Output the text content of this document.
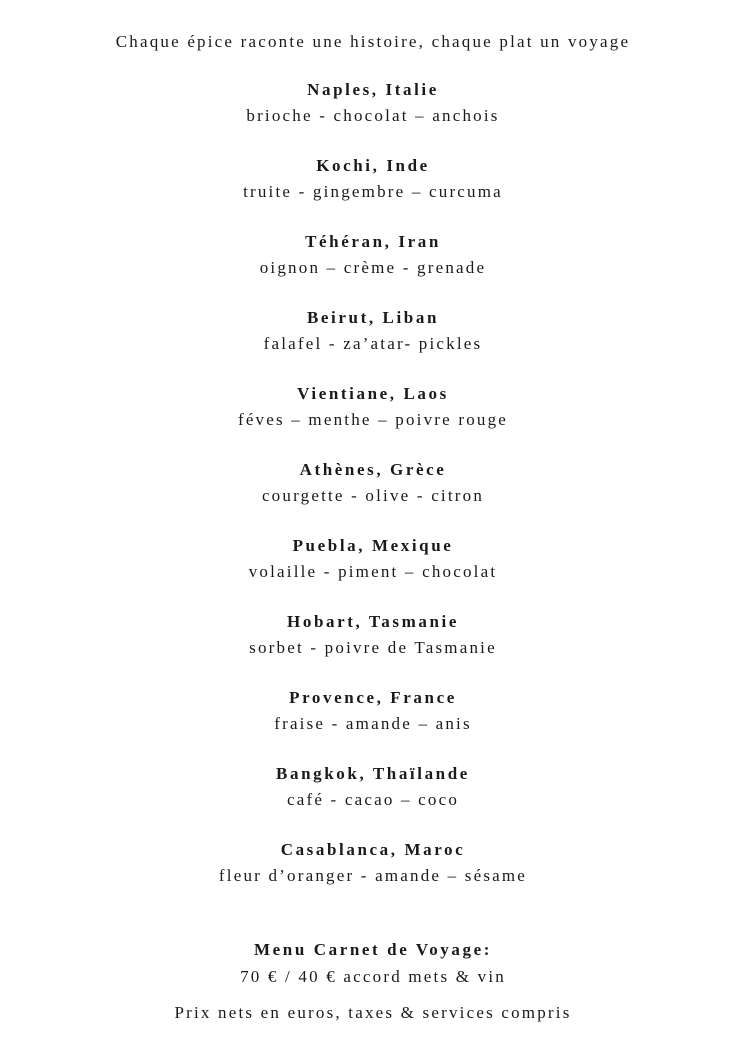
Chaque épice raconte une histoire, chaque plat un voyage
Naples, Italie
brioche - chocolat – anchois
Kochi, Inde
truite - gingembre – curcuma
Téhéran, Iran
oignon – crème - grenade
Beirut, Liban
falafel - za’atar- pickles
Vientiane, Laos
féves – menthe – poivre rouge
Athènes, Grèce
courgette - olive - citron
Puebla, Mexique
volaille - piment – chocolat
Hobart, Tasmanie
sorbet - poivre de Tasmanie
Provence, France
fraise - amande – anis
Bangkok, Thaïlande
café - cacao – coco
Casablanca, Maroc
fleur d’oranger - amande – sésame
Menu Carnet de Voyage:
70 € / 40 € accord mets & vin
Prix nets en euros, taxes & services compris
